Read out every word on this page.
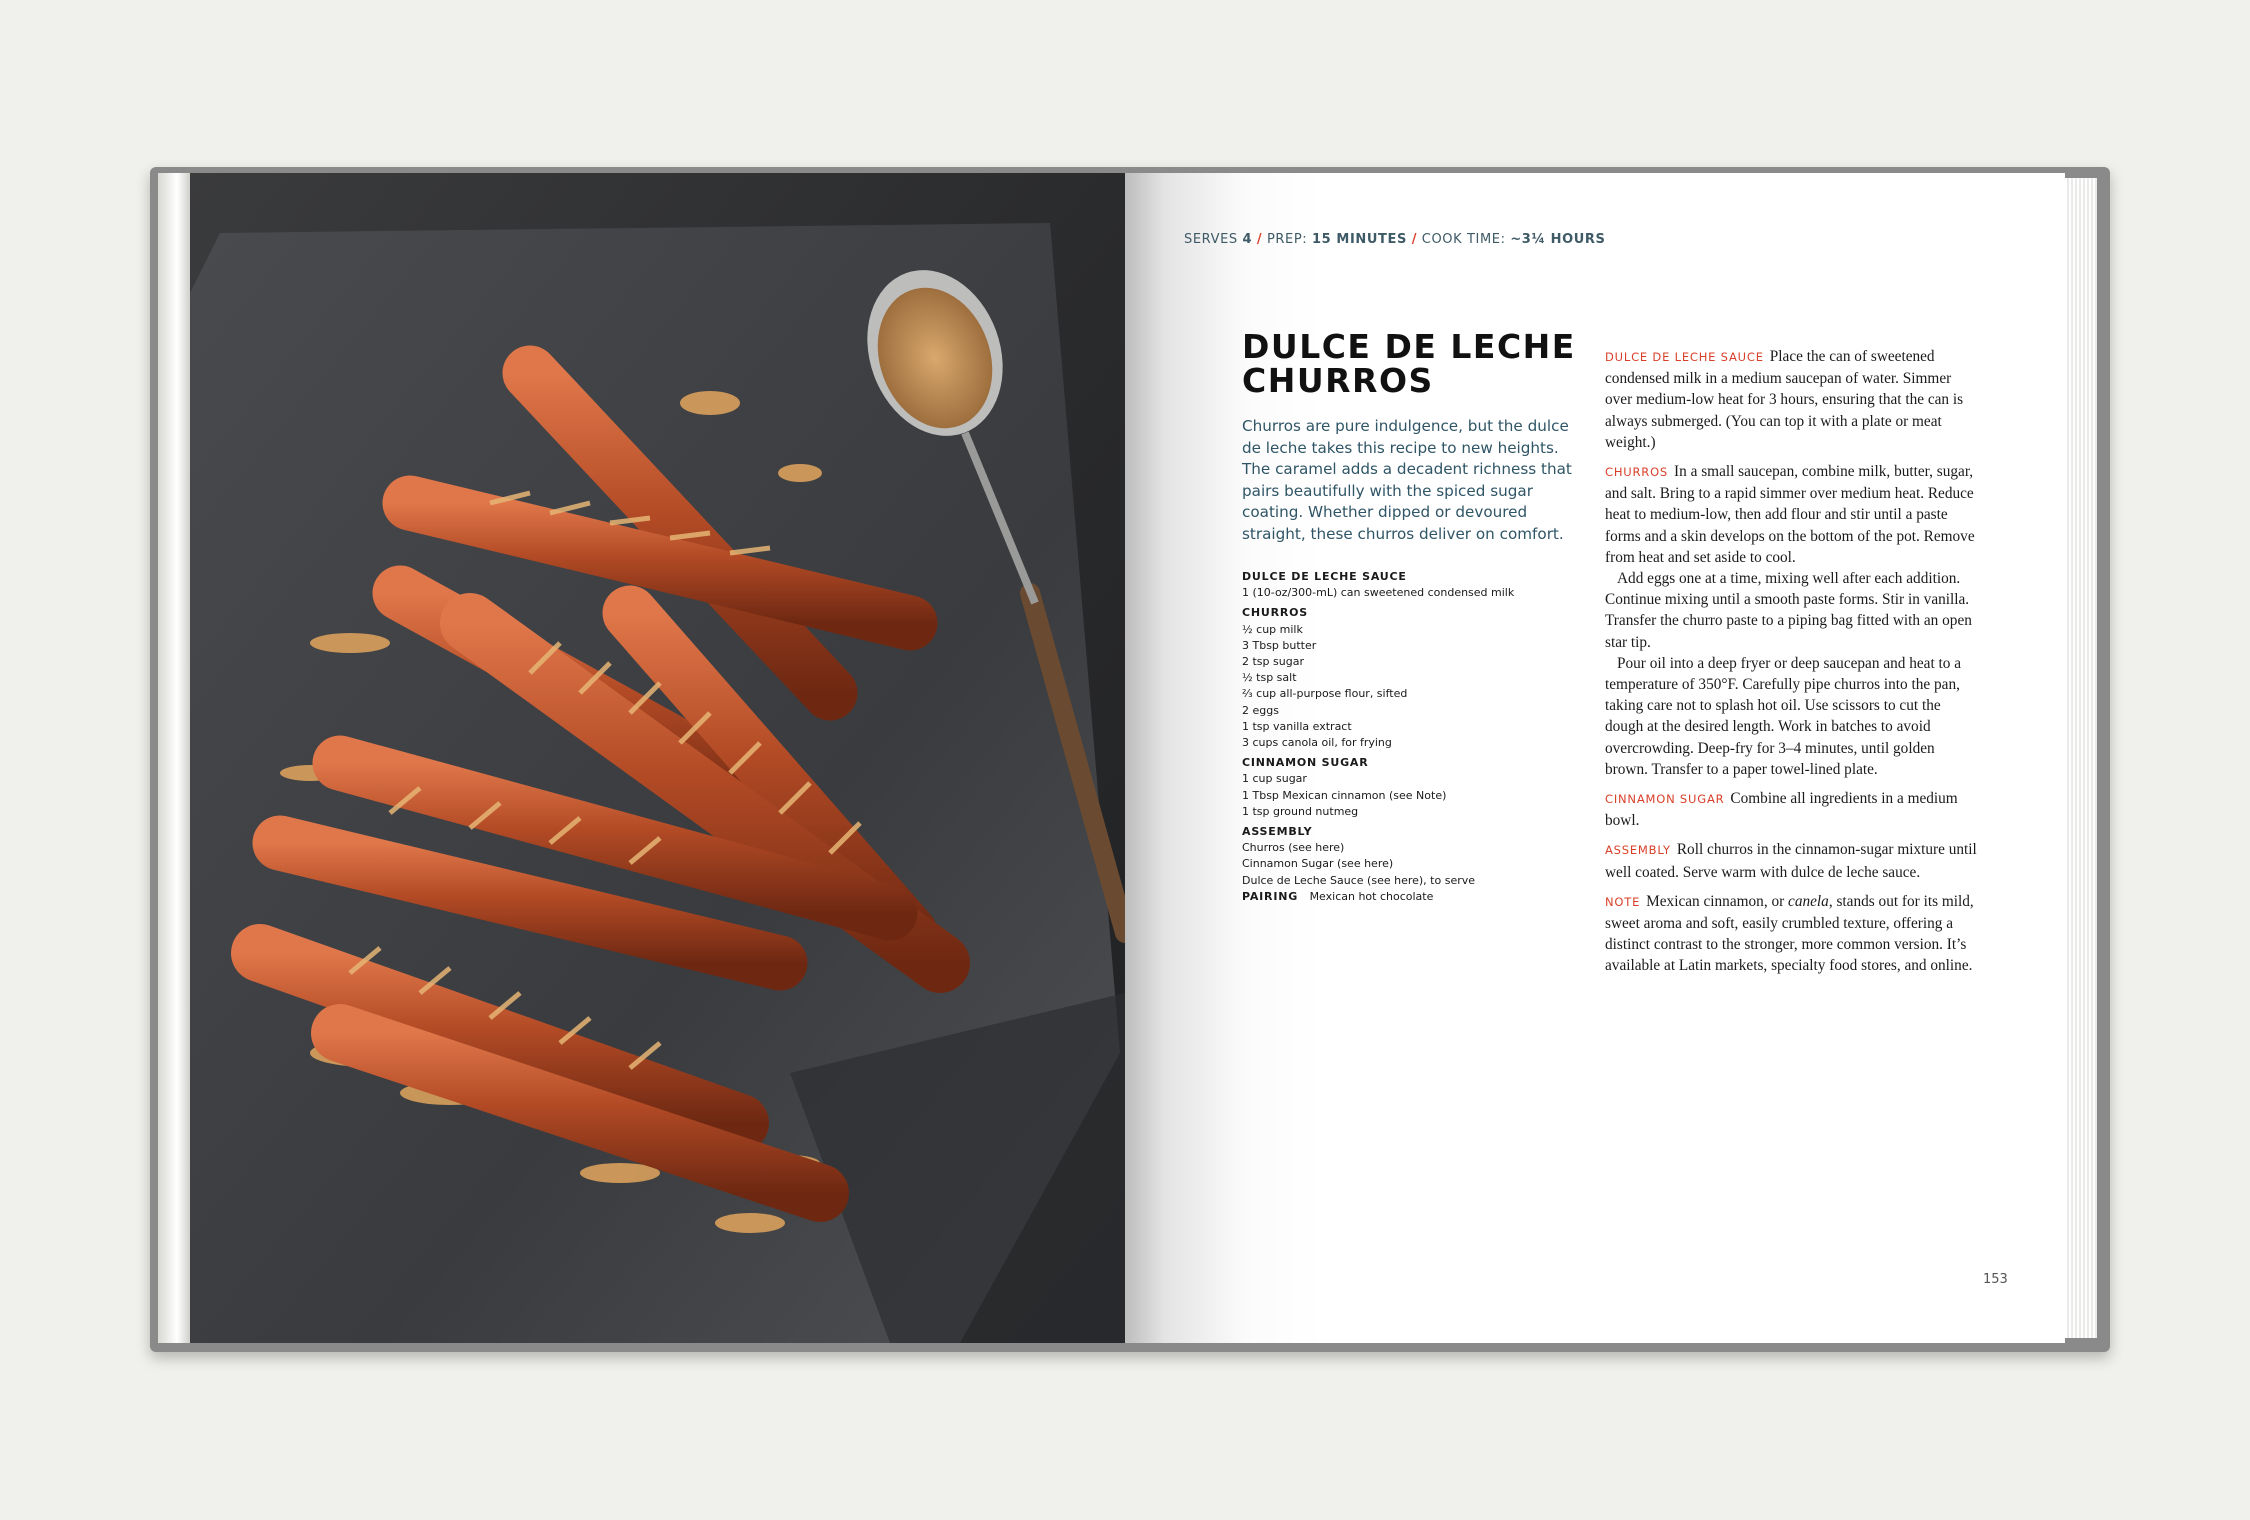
SERVES 4 / PREP: 15 MINUTES / COOK TIME: ~3¼ HOURS
DULCE DE LECHE CHURROS

Churros are pure indulgence, but the dulce de leche takes this recipe to new heights. The caramel adds a decadent richness that pairs beautifully with the spiced sugar coating. Whether dipped or devoured straight, these churros deliver on comfort.

DULCE DE LECHE SAUCE
1 (10-oz/300-mL) can sweetened condensed milk
CHURROS
½ cup milk
3 Tbsp butter
2 tsp sugar
½ tsp salt
⅔ cup all-purpose flour, sifted
2 eggs
1 tsp vanilla extract
3 cups canola oil, for frying
CINNAMON SUGAR
1 cup sugar
1 Tbsp Mexican cinnamon (see Note)
1 tsp ground nutmeg
ASSEMBLY
Churros (see here)
Cinnamon Sugar (see here)
Dulce de Leche Sauce (see here), to serve
PAIRING Mexican hot chocolate

DULCE DE LECHE SAUCE Place the can of sweetened condensed milk in a medium saucepan of water. Simmer over medium-low heat for 3 hours, ensuring that the can is always submerged. (You can top it with a plate or meat weight.)

CHURROS In a small saucepan, combine milk, butter, sugar, and salt. Bring to a rapid simmer over medium heat. Reduce heat to medium-low, then add flour and stir until a paste forms and a skin develops on the bottom of the pot. Remove from heat and set aside to cool.

Add eggs one at a time, mixing well after each addition. Continue mixing until a smooth paste forms. Stir in vanilla. Transfer the churro paste to a piping bag fitted with an open star tip.

Pour oil into a deep fryer or deep saucepan and heat to a temperature of 350°F. Carefully pipe churros into the pan, taking care not to splash hot oil. Use scissors to cut the dough at the desired length. Work in batches to avoid overcrowding. Deep-fry for 3–4 minutes, until golden brown. Transfer to a paper towel-lined plate.

CINNAMON SUGAR Combine all ingredients in a medium bowl.

ASSEMBLY Roll churros in the cinnamon-sugar mixture until well coated. Serve warm with dulce de leche sauce.

NOTE Mexican cinnamon, or canela, stands out for its mild, sweet aroma and soft, easily crumbled texture, offering a distinct contrast to the stronger, more common version. It’s available at Latin markets, specialty food stores, and online.

153
